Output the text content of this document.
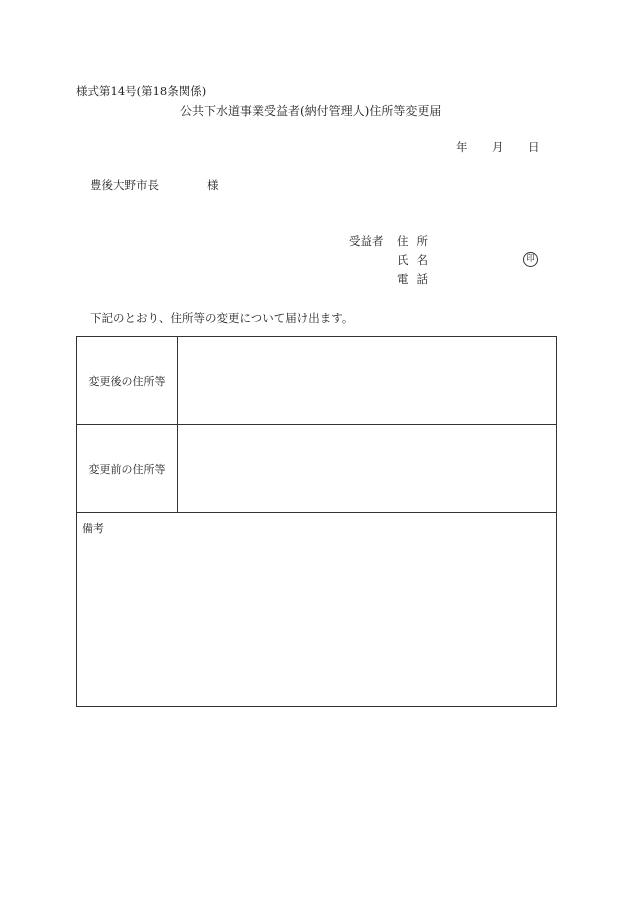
様式第14号(第18条関係)
公共下水道事業受益者(納付管理人)住所等変更届
年 月 日
豊後大野市長	様
受益者 住所
氏名	印
電話
下記のとおり、住所等の変更について届け出ます。
変更後の住所等
変更前の住所等
備考
